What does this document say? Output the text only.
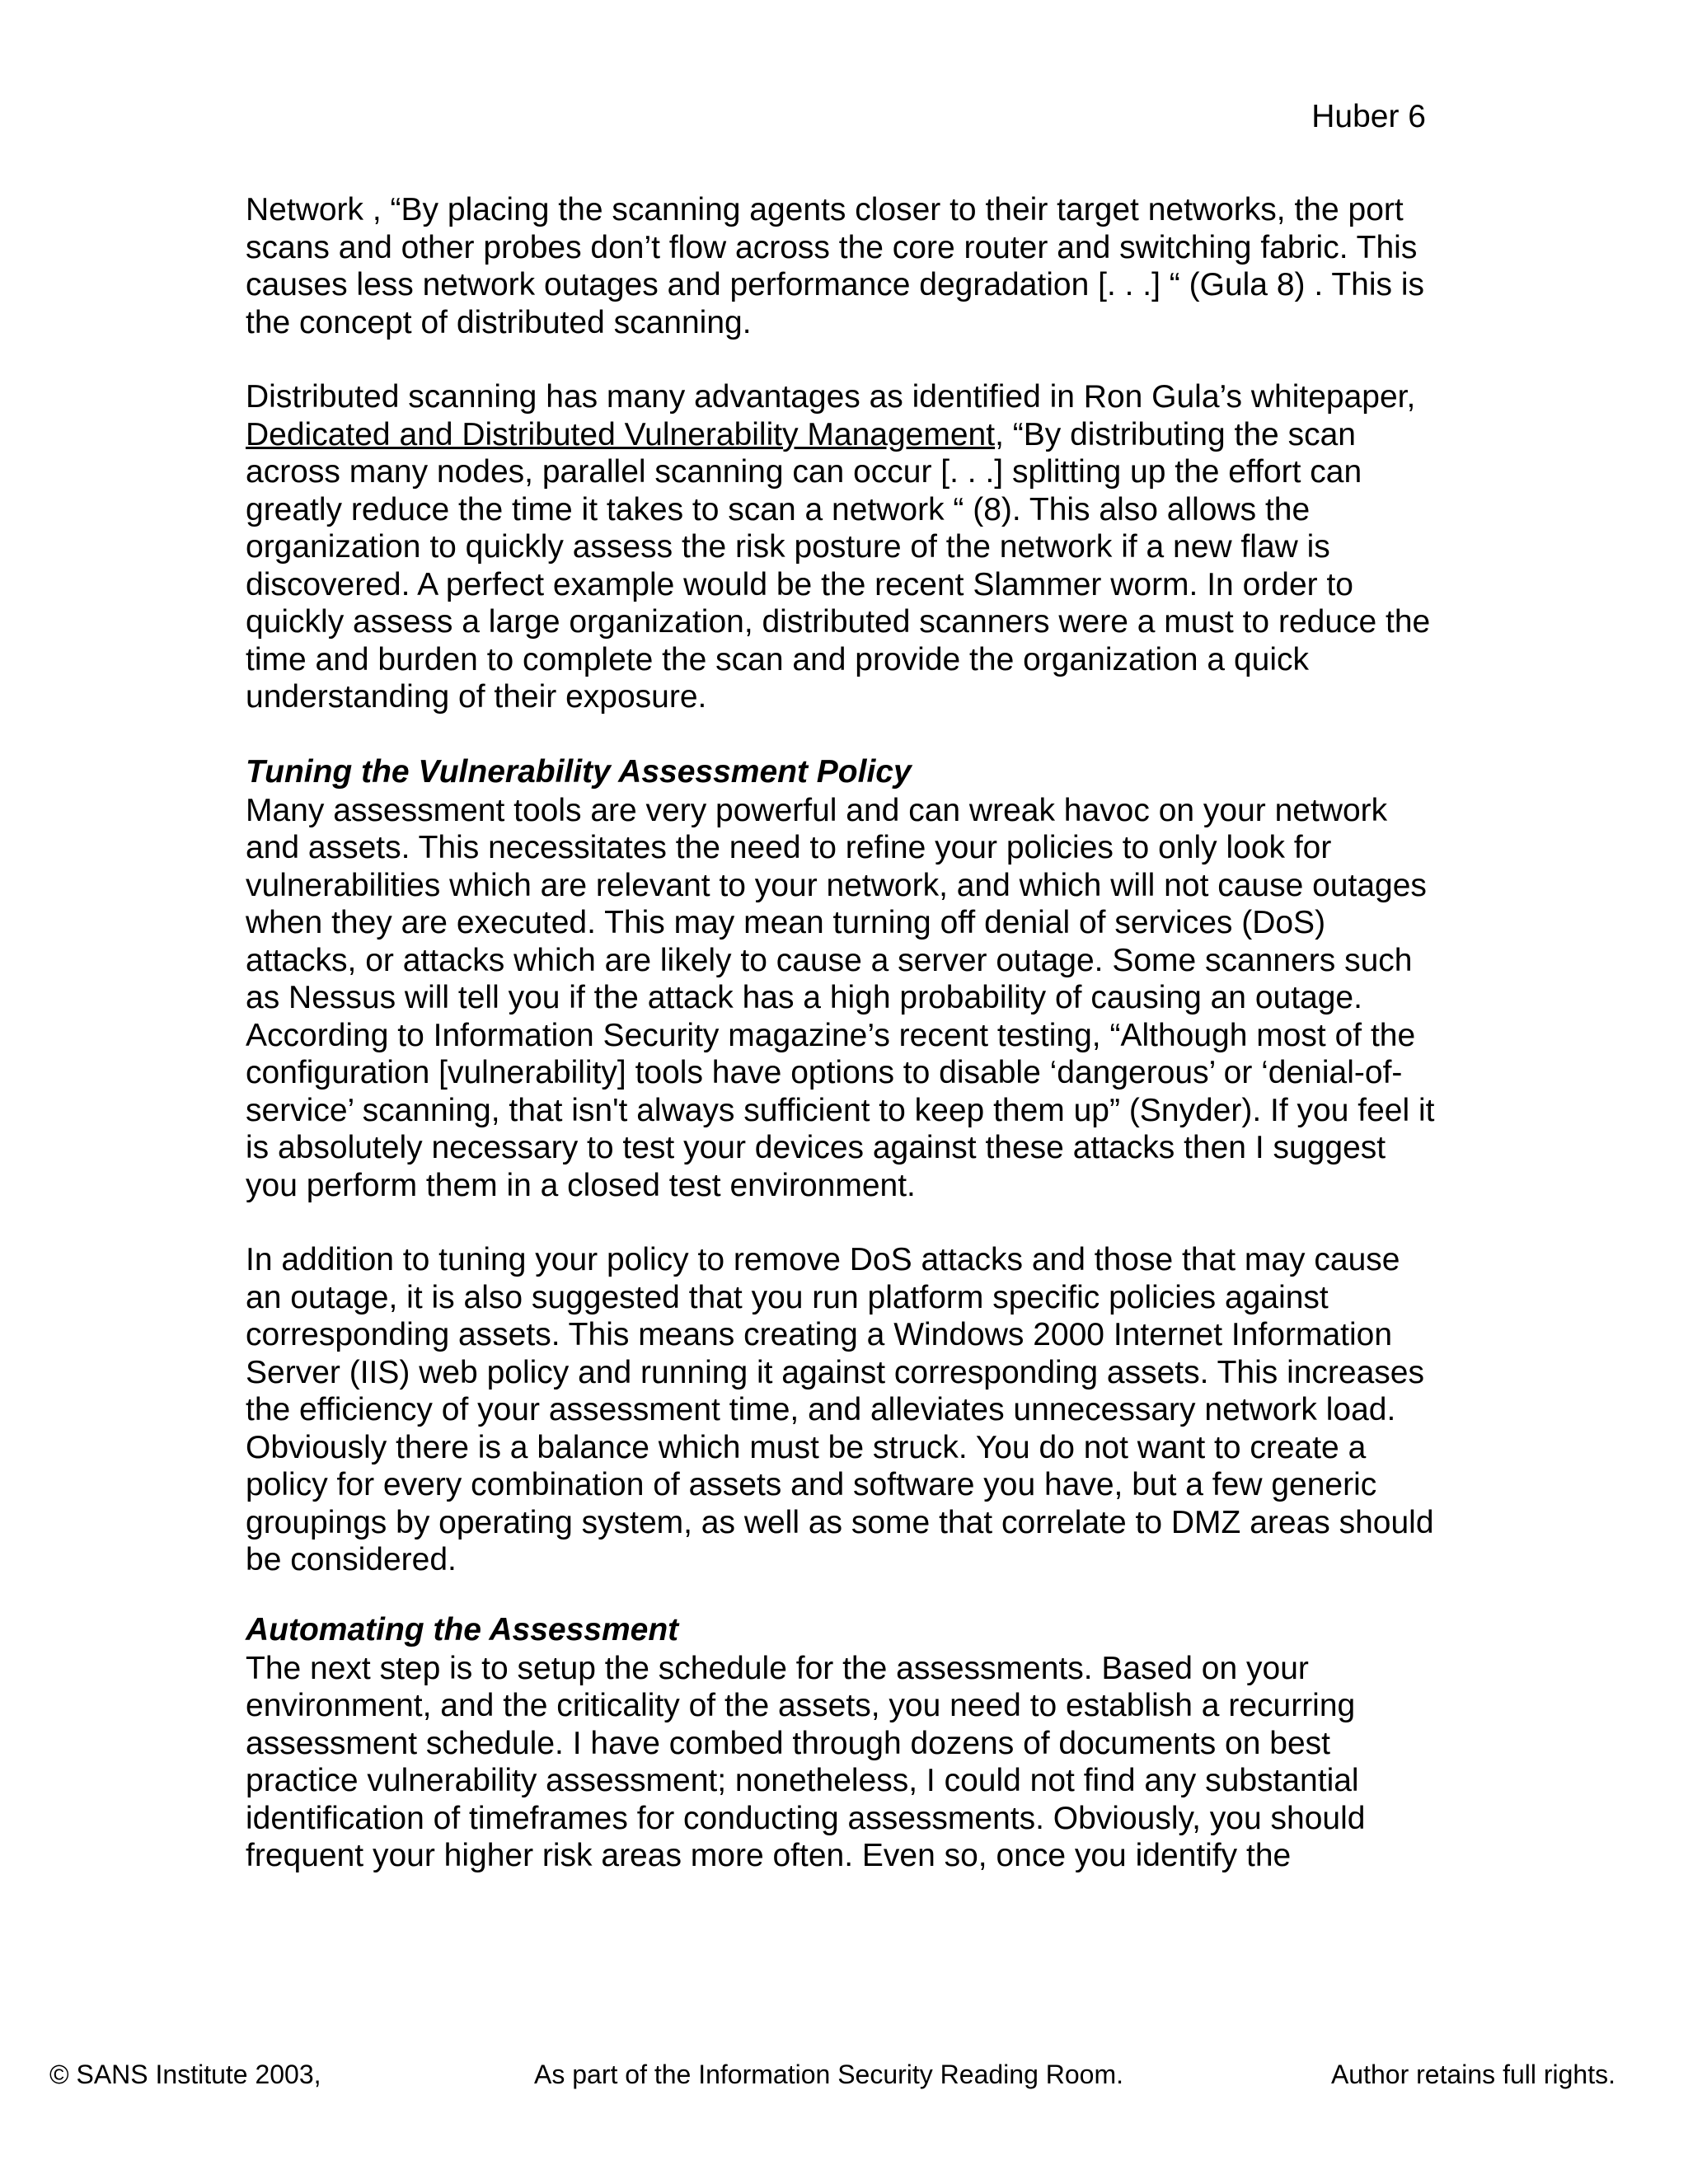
Huber 6

Network , “By placing the scanning agents closer to their target networks, the port scans and other probes don’t flow across the core router and switching fabric. This causes less network outages and performance degradation [. . .] “ (Gula 8) . This is the concept of distributed scanning.

Distributed scanning has many advantages as identified in Ron Gula’s whitepaper, Dedicated and Distributed Vulnerability Management, “By distributing the scan across many nodes, parallel scanning can occur [. . .] splitting up the effort can greatly reduce the time it takes to scan a network “ (8). This also allows the organization to quickly assess the risk posture of the network if a new flaw is discovered. A perfect example would be the recent Slammer worm. In order to quickly assess a large organization, distributed scanners were a must to reduce the time and burden to complete the scan and provide the organization a quick understanding of their exposure.

Tuning the Vulnerability Assessment Policy

Many assessment tools are very powerful and can wreak havoc on your network and assets. This necessitates the need to refine your policies to only look for vulnerabilities which are relevant to your network, and which will not cause outages when they are executed. This may mean turning off denial of services (DoS) attacks, or attacks which are likely to cause a server outage. Some scanners such as Nessus will tell you if the attack has a high probability of causing an outage. According to Information Security magazine’s recent testing, “Although most of the configuration [vulnerability] tools have options to disable ‘dangerous’ or ‘denial-of-service’ scanning, that isn't always sufficient to keep them up” (Snyder). If you feel it is absolutely necessary to test your devices against these attacks then I suggest you perform them in a closed test environment.

In addition to tuning your policy to remove DoS attacks and those that may cause an outage, it is also suggested that you run platform specific policies against corresponding assets. This means creating a Windows 2000 Internet Information Server (IIS) web policy and running it against corresponding assets. This increases the efficiency of your assessment time, and alleviates unnecessary network load. Obviously there is a balance which must be struck. You do not want to create a policy for every combination of assets and software you have, but a few generic groupings by operating system, as well as some that correlate to DMZ areas should be considered.

Automating the Assessment

The next step is to setup the schedule for the assessments. Based on your environment, and the criticality of the assets, you need to establish a recurring assessment schedule. I have combed through dozens of documents on best practice vulnerability assessment; nonetheless, I could not find any substantial identification of timeframes for conducting assessments. Obviously, you should frequent your higher risk areas more often. Even so, once you identify the

© SANS Institute 2003,	As part of the Information Security Reading Room.	Author retains full rights.
